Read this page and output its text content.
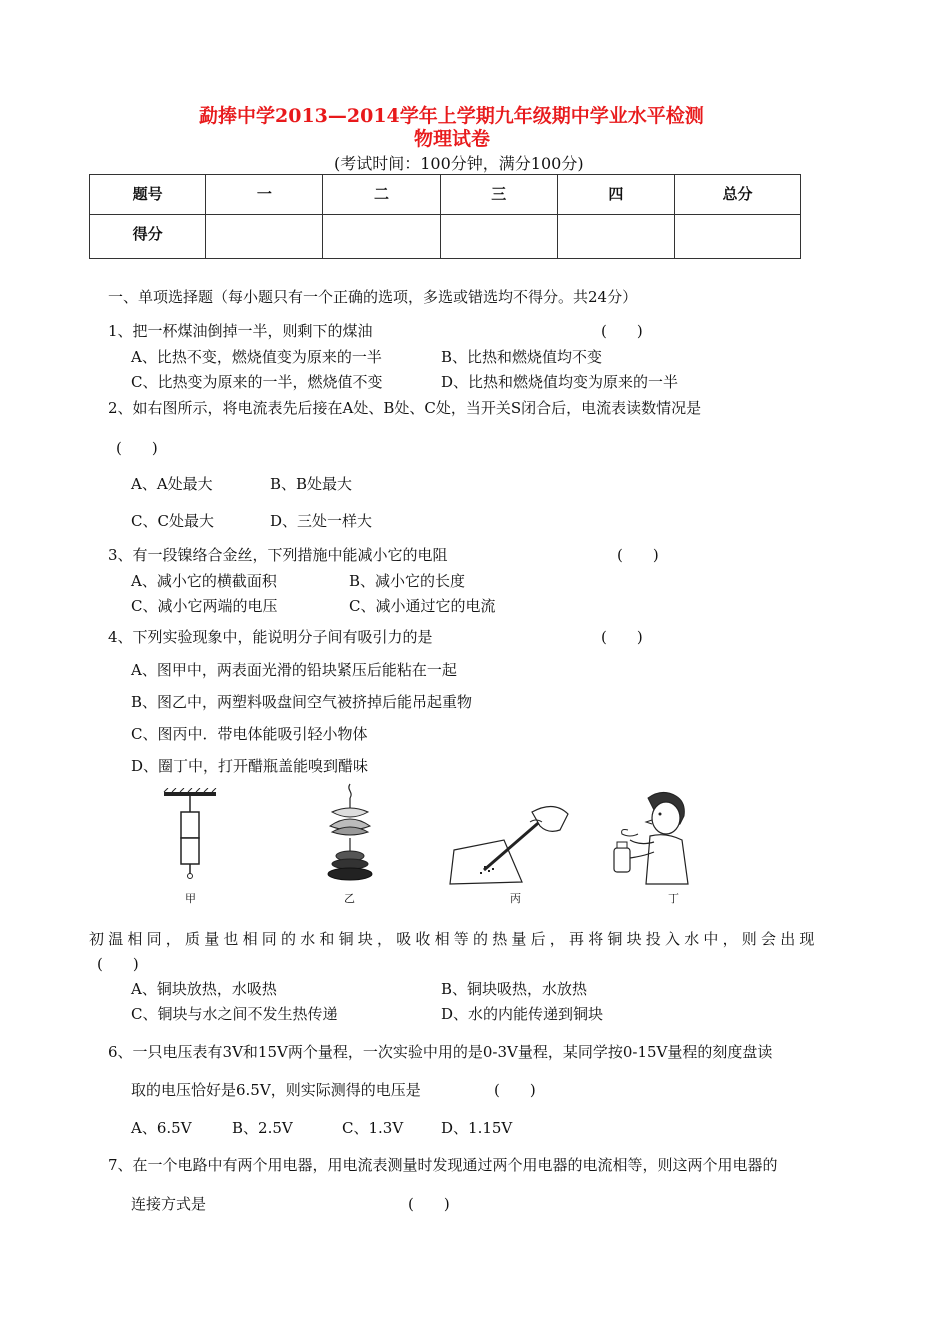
勐捧中学2013—2014学年上学期九年级期中学业水平检测
物理试卷
(考试时间：100分钟，满分100分)
题号	一	二	三	四	总分
得分					
一、单项选择题（每小题只有一个正确的选项，多选或错选均不得分。共24分）
1、把一杯煤油倒掉一半，则剩下的煤油	(　　)
A、比热不变，燃烧值变为原来的一半	B、比热和燃烧值均不变
C、比热变为原来的一半，燃烧值不变	D、比热和燃烧值均变为原来的一半
2、如右图所示，将电流表先后接在A处、B处、C处，当开关S闭合后，电流表读数情况是
(　　)
A、A处最大	B、B处最大
C、C处最大	D、三处一样大
3、有一段镍络合金丝，下列措施中能减小它的电阻	(　　)
A、减小它的横截面积	B、减小它的长度
C、减小它两端的电压	C、减小通过它的电流
4、下列实验现象中，能说明分子间有吸引力的是	(　　)
A、图甲中，两表面光滑的铅块紧压后能粘在一起
B、图乙中，两塑料吸盘间空气被挤掉后能吊起重物
C、图丙中．带电体能吸引轻小物体
D、圈丁中，打开醋瓶盖能嗅到醋味
甲	乙	丙	丁
初温相同，质量也相同的水和铜块，吸收相等的热量后，再将铜块投入水中，则会出现
(　　)
A、铜块放热，水吸热	B、铜块吸热，水放热
C、铜块与水之间不发生热传递	D、水的内能传递到铜块
6、一只电压表有3V和15V两个量程，一次实验中用的是0-3V量程，某同学按0-15V量程的刻度盘读
取的电压恰好是6.5V，则实际测得的电压是	(　　)
A、6.5V	B、2.5V	C、1.3V	D、1.15V
7、在一个电路中有两个用电器，用电流表测量时发现通过两个用电器的电流相等，则这两个用电器的
连接方式是	(　　)
